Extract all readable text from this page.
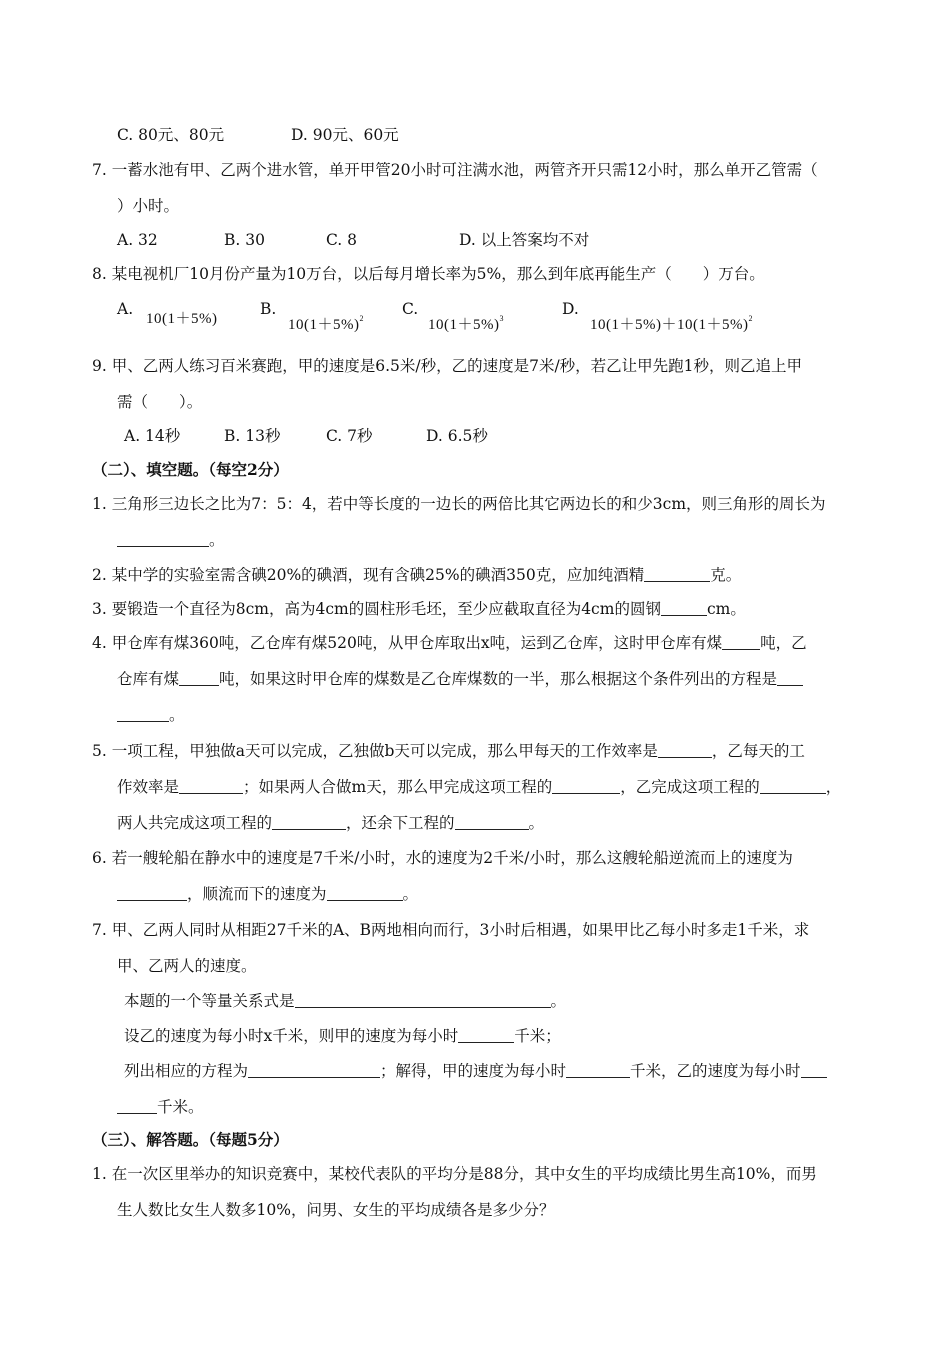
C. 80元、80元	D. 90元、60元
7. 一蓄水池有甲、乙两个进水管，单开甲管20小时可注满水池，两管齐开只需12小时，那么单开乙管需（
）小时。
A. 32	B. 30	C. 8	D. 以上答案均不对
8. 某电视机厂10月份产量为10万台，以后每月增长率为5%，那么到年底再能生产（　　）万台。
A.
10(1＋5%)
B.
$10(1+5\%)^2$
C.
$10(1+5\%)^3$
D.
$10(1+5\%)+10(1+5\%)^2$
9. 甲、乙两人练习百米赛跑，甲的速度是6.5米/秒，乙的速度是7米/秒，若乙让甲先跑1秒，则乙追上甲
需（　　）。
A. 14秒	B. 13秒	C. 7秒	D. 6.5秒
（二）、填空题。（每空2分）
1. 三角形三边长之比为7：5：4，若中等长度的一边长的两倍比其它两边长的和少3cm，则三角形的周长为
。
2. 某中学的实验室需含碘20%的碘酒，现有含碘25%的碘酒350克，应加纯酒精	克。
3. 要锻造一个直径为8cm，高为4cm的圆柱形毛坯，至少应截取直径为4cm的圆钢	cm。
4. 甲仓库有煤360吨，乙仓库有煤520吨，从甲仓库取出x吨，运到乙仓库，这时甲仓库有煤 吨，乙
仓库有煤	吨，如果这时甲仓库的煤数是乙仓库煤数的一半，那么根据这个条件列出的方程是
。
5. 一项工程，甲独做a天可以完成，乙独做b天可以完成，那么甲每天的工作效率是	，乙每天的工
作效率是	；如果两人合做m天，那么甲完成这项工程的	，乙完成这项工程的	，
两人共完成这项工程的	，还余下工程的	。
6. 若一艘轮船在静水中的速度是7千米/小时，水的速度为2千米/小时，那么这艘轮船逆流而上的速度为
，顺流而下的速度为	。
7. 甲、乙两人同时从相距27千米的A、B两地相向而行，3小时后相遇，如果甲比乙每小时多走1千米，求
甲、乙两人的速度。
本题的一个等量关系式是	。
设乙的速度为每小时x千米，则甲的速度为每小时	千米；
列出相应的方程为	；解得，甲的速度为每小时	千米，乙的速度为每小时
千米。
（三）、解答题。（每题5分）
1. 在一次区里举办的知识竞赛中，某校代表队的平均分是88分，其中女生的平均成绩比男生高10%，而男
生人数比女生人数多10%，问男、女生的平均成绩各是多少分？
